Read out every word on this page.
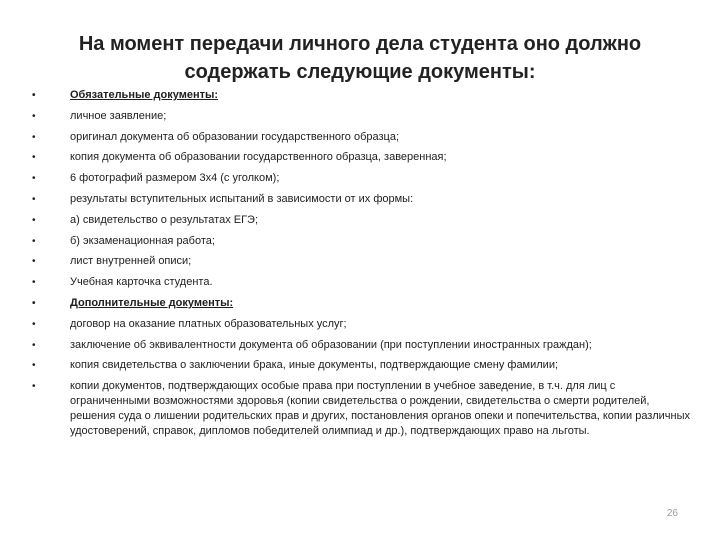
На момент передачи личного дела студента оно должно
содержать следующие документы:
• Обязательные документы:
• личное заявление;
• оригинал документа об образовании государственного образца;
• копия документа об образовании государственного образца, заверенная;
• 6 фотографий размером 3x4 (с уголком);
• результаты вступительных испытаний в зависимости от их формы:
• а) свидетельство о результатах ЕГЭ;
• б) экзаменационная работа;
• лист внутренней описи;
• Учебная карточка студента.
• Дополнительные документы:
• договор на оказание платных образовательных услуг;
• заключение об эквивалентности документа об образовании (при поступлении иностранных граждан);
• копия свидетельства о заключении брака, иные документы, подтверждающие смену фамилии;
• копии документов, подтверждающих особые права при поступлении в учебное заведение, в т.ч. для лиц с ограниченными возможностями здоровья (копии свидетельства о рождении, свидетельства о смерти родителей, решения суда о лишении родительских прав и других, постановления органов опеки и попечительства, копии различных удостоверений, справок, дипломов победителей олимпиад и др.), подтверждающих право на льготы.
26
